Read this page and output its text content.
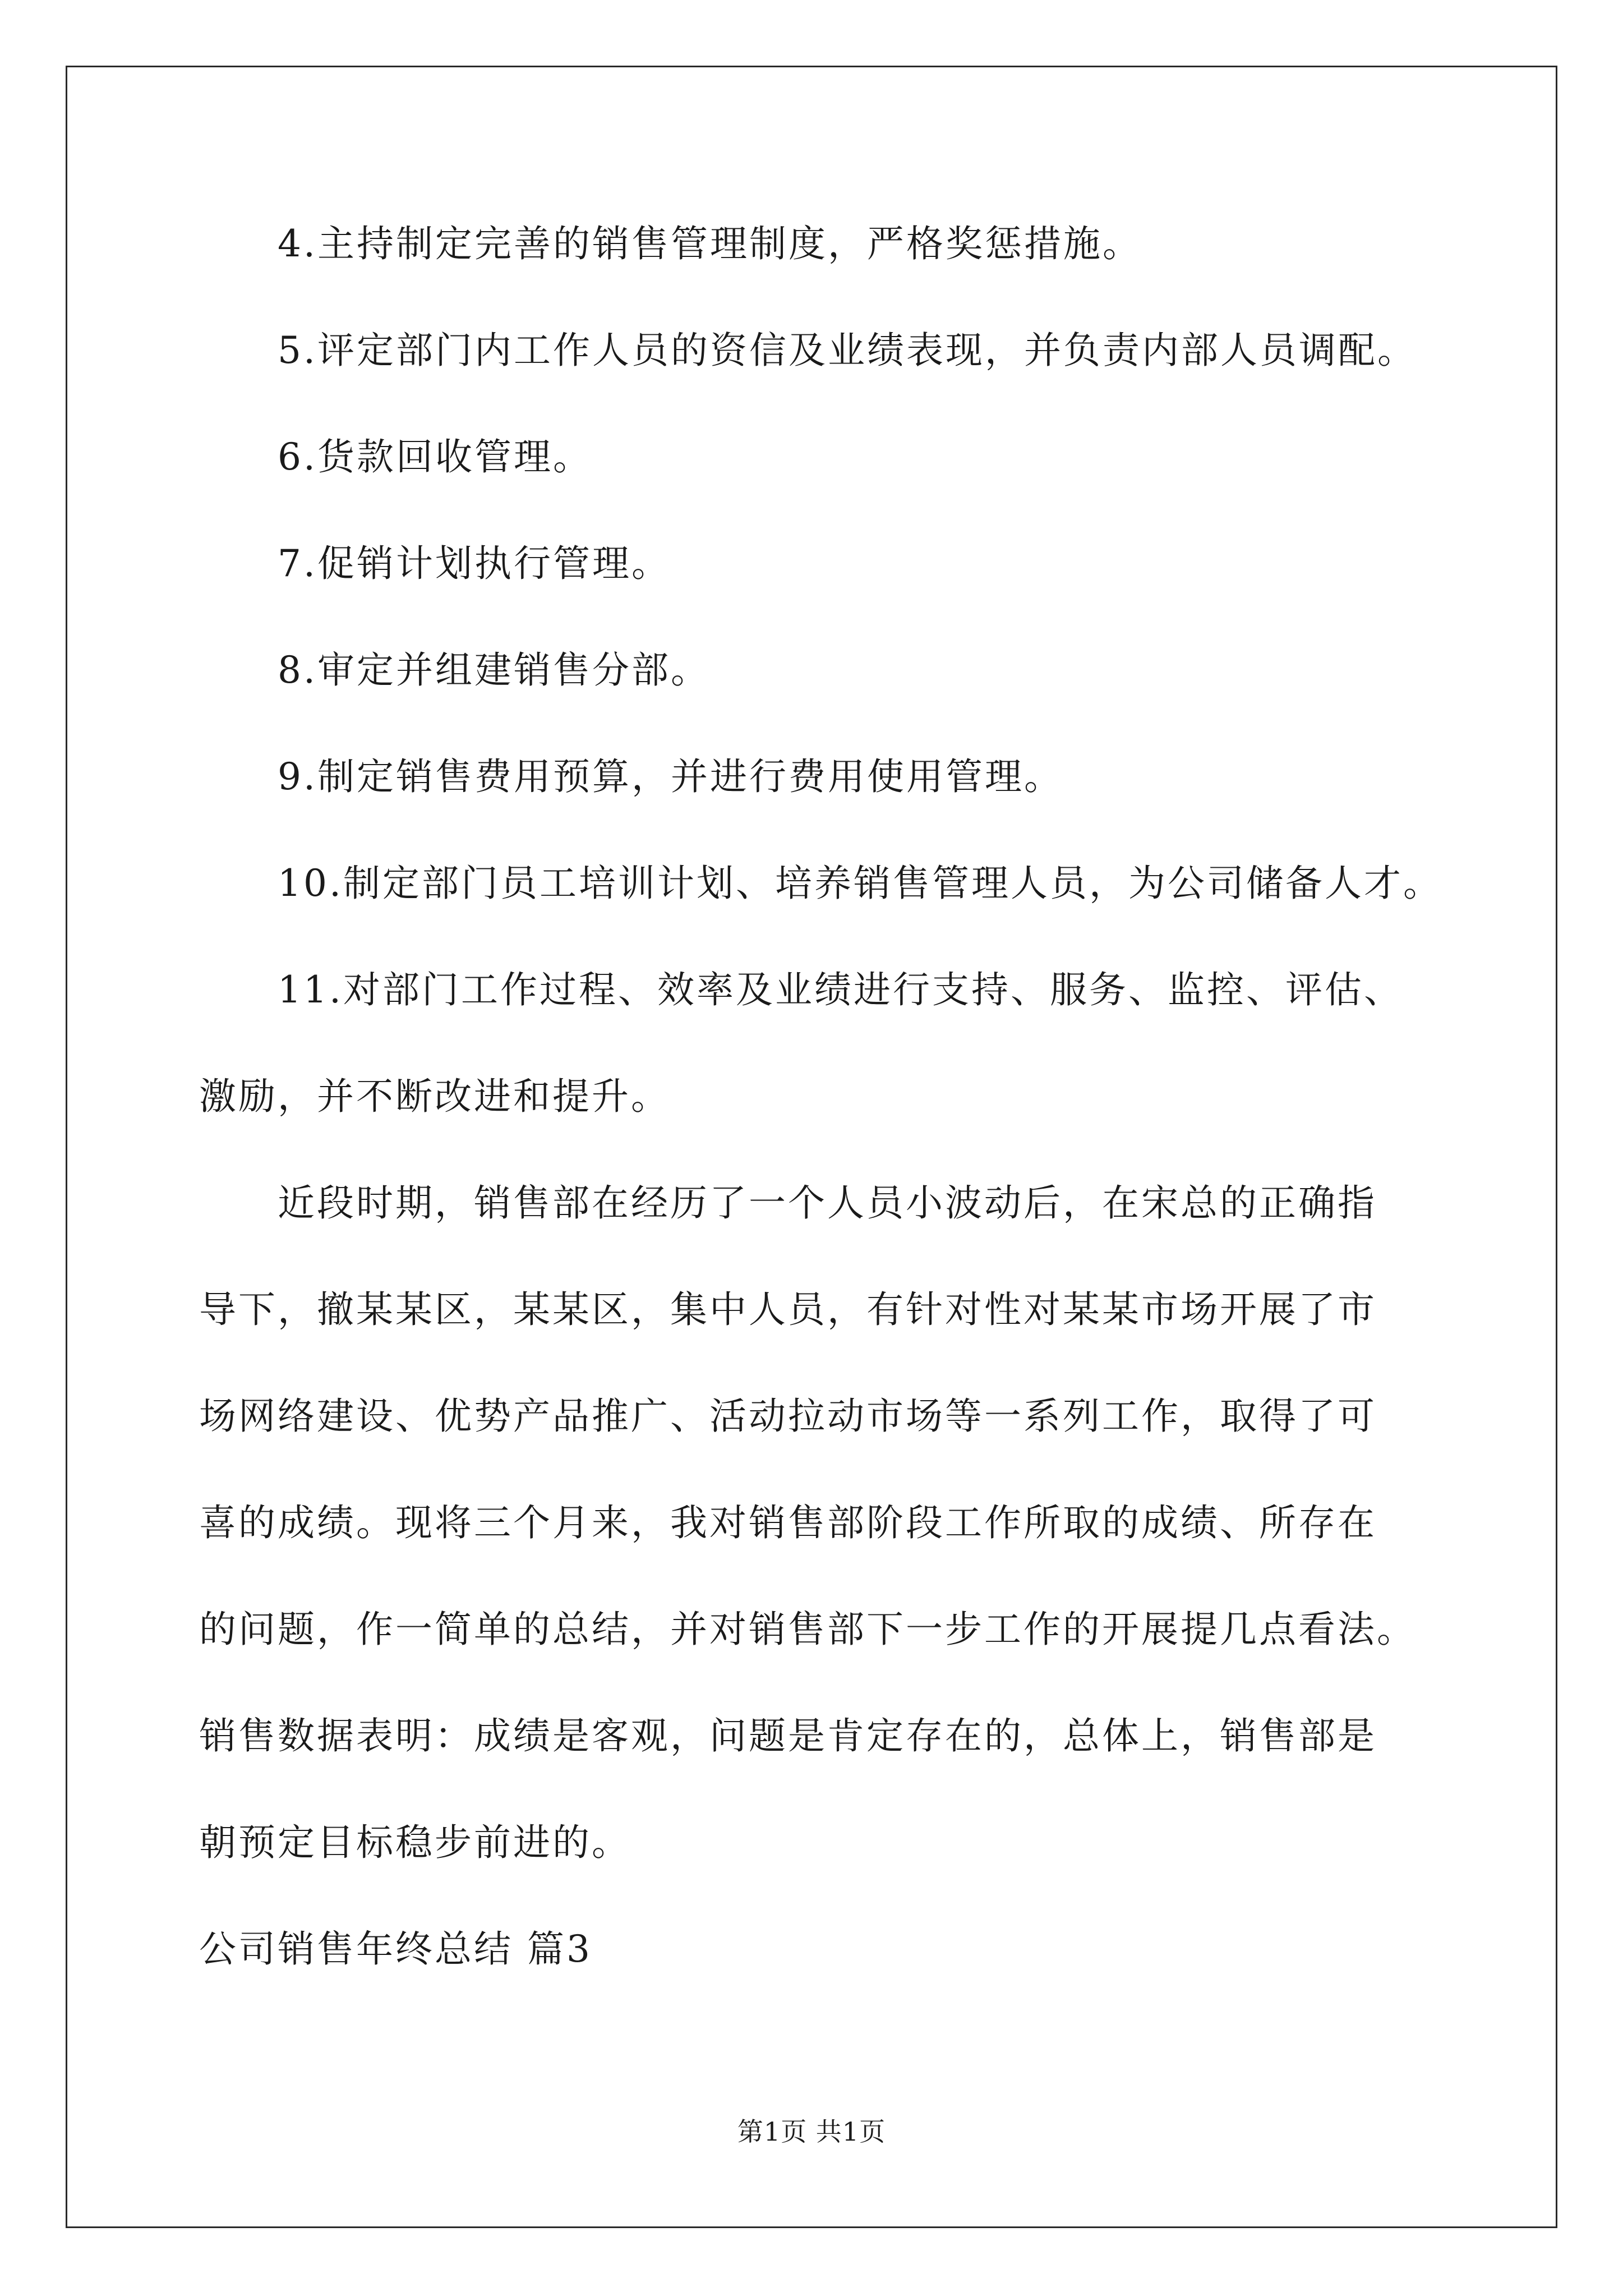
4.主持制定完善的销售管理制度，严格奖惩措施。
5.评定部门内工作人员的资信及业绩表现，并负责内部人员调配。
6.货款回收管理。
7.促销计划执行管理。
8.审定并组建销售分部。
9.制定销售费用预算，并进行费用使用管理。
10.制定部门员工培训计划、培养销售管理人员，为公司储备人才。
11.对部门工作过程、效率及业绩进行支持、服务、监控、评估、
激励，并不断改进和提升。
近段时期，销售部在经历了一个人员小波动后，在宋总的正确指
导下，撤某某区，某某区，集中人员，有针对性对某某市场开展了市
场网络建设、优势产品推广、活动拉动市场等一系列工作，取得了可
喜的成绩。现将三个月来，我对销售部阶段工作所取的成绩、所存在
的问题，作一简单的总结，并对销售部下一步工作的开展提几点看法。
销售数据表明：成绩是客观，问题是肯定存在的，总体上，销售部是
朝预定目标稳步前进的。
公司销售年终总结 篇3
第1页 共1页
